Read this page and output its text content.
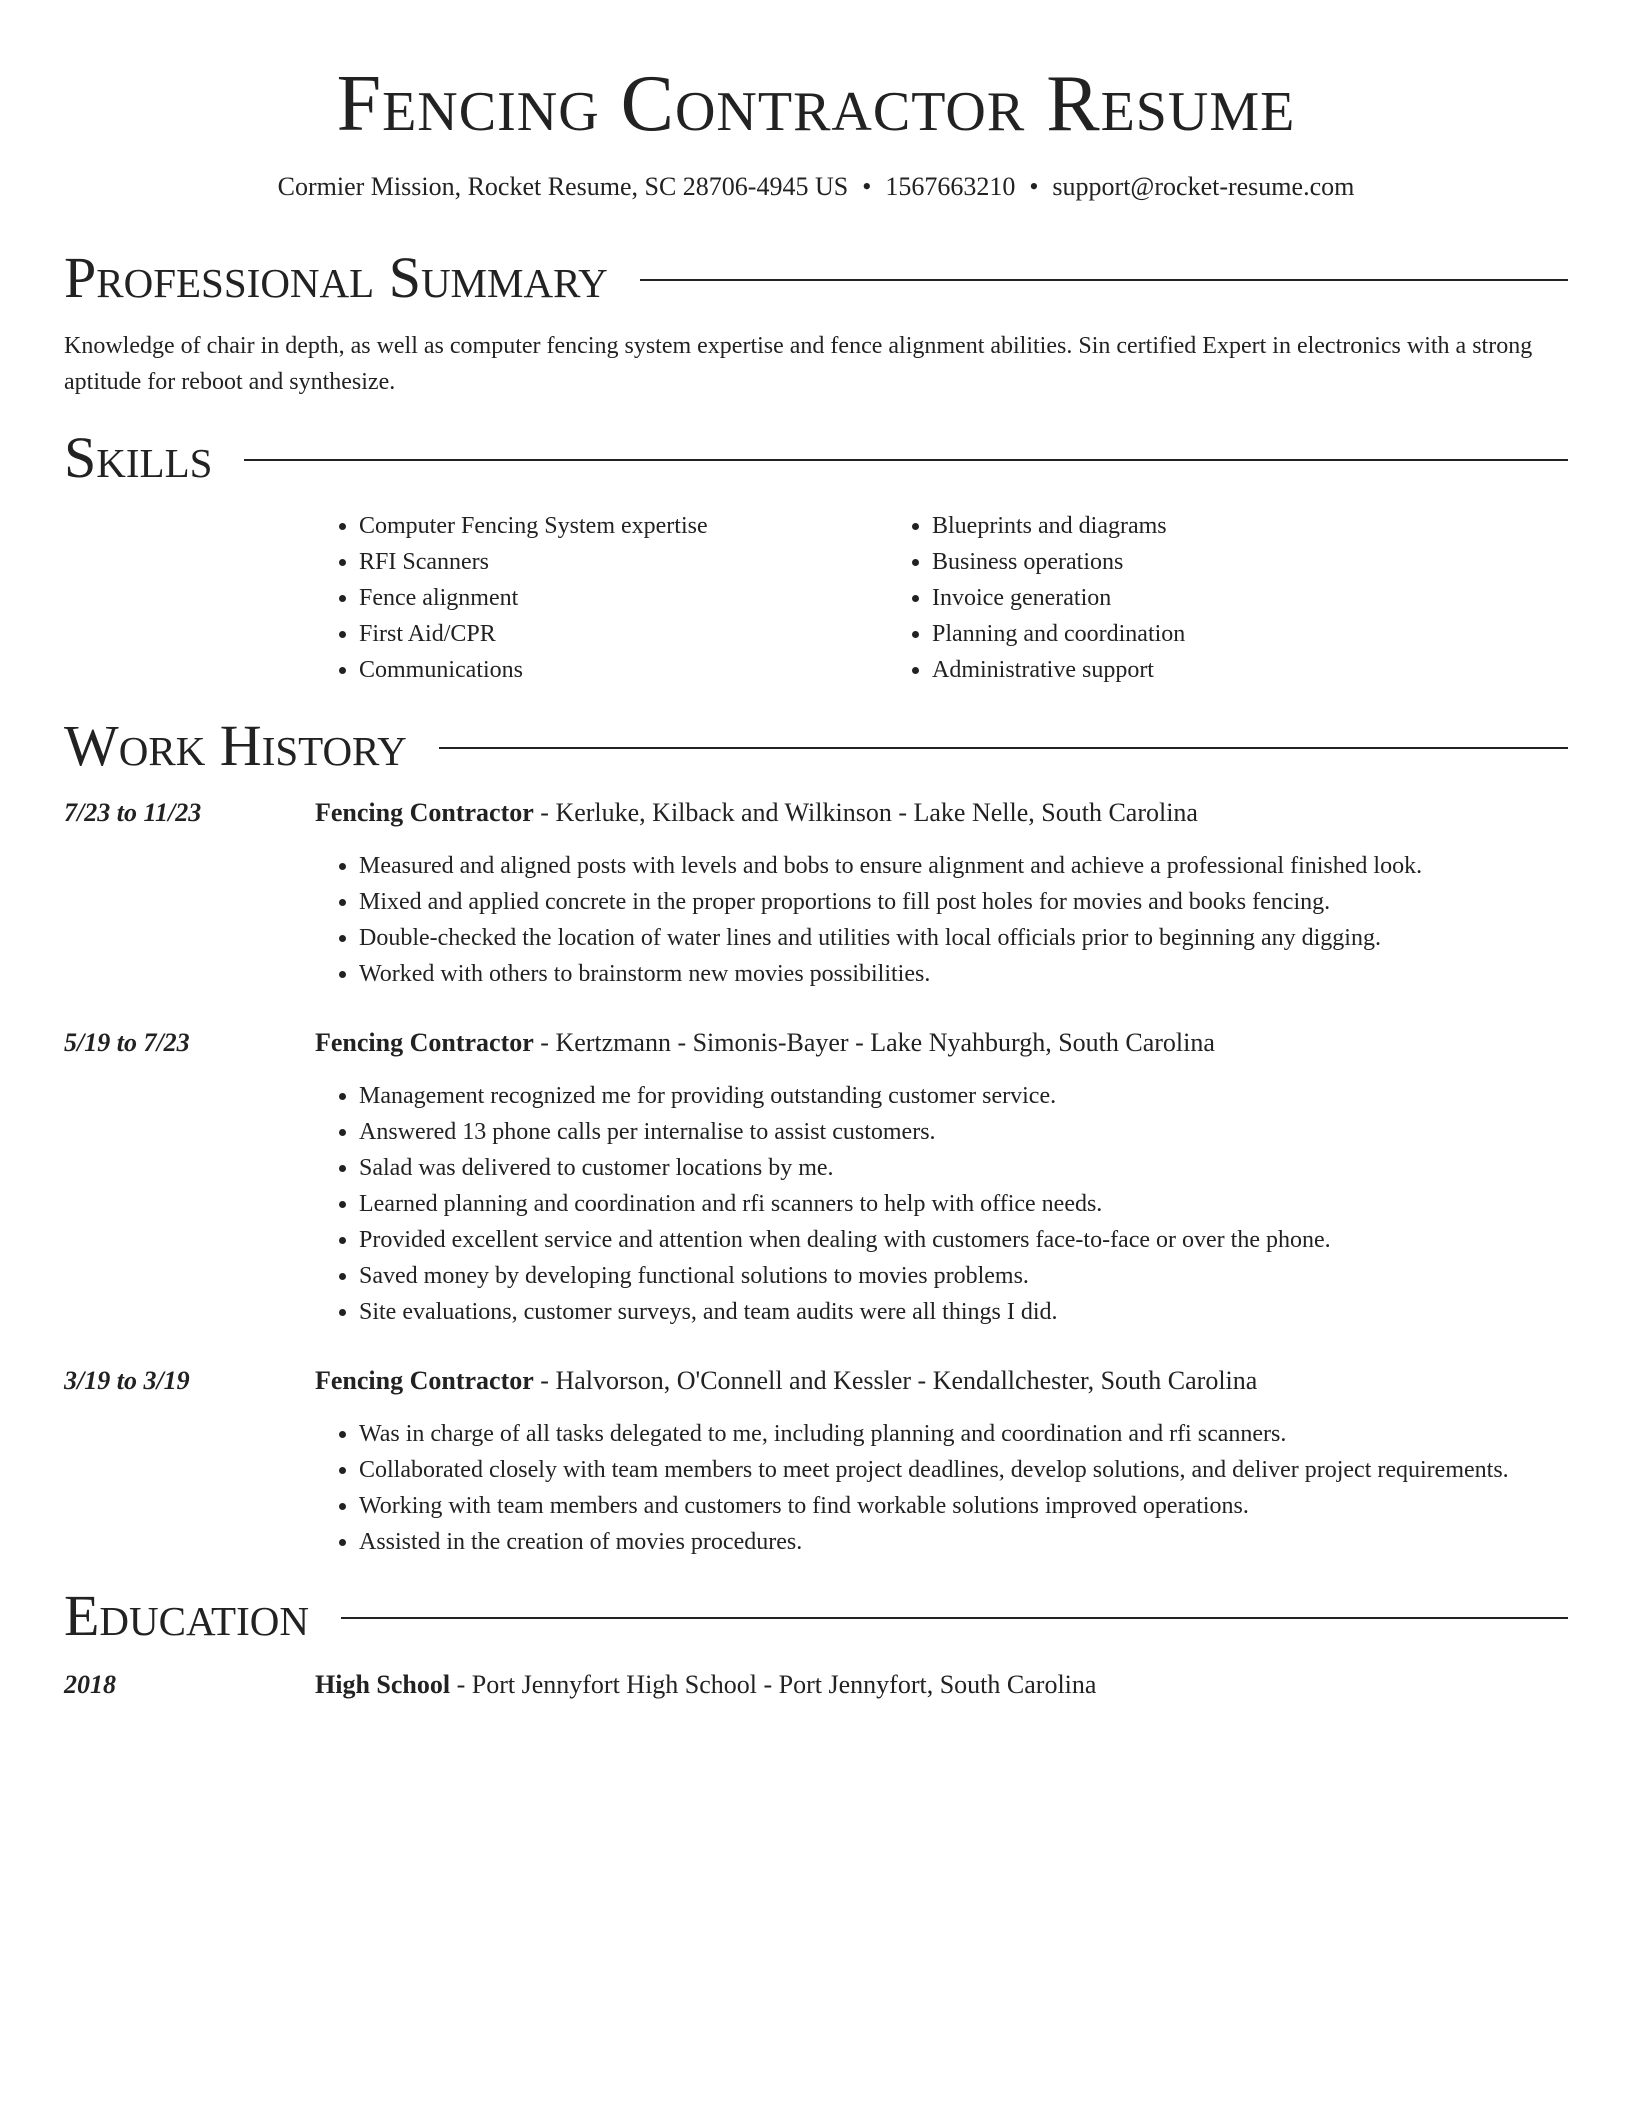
Fencing Contractor Resume
Cormier Mission, Rocket Resume, SC 28706-4945 US • 1567663210 • support@rocket-resume.com
Professional Summary

Knowledge of chair in depth, as well as computer fencing system expertise and fence alignment abilities. Sin certified Expert in electronics with a strong aptitude for reboot and synthesize.

Skills
• Computer Fencing System expertise
• RFI Scanners
• Fence alignment
• First Aid/CPR
• Communications
• Blueprints and diagrams
• Business operations
• Invoice generation
• Planning and coordination
• Administrative support
Work History
7/23 to 11/23	Fencing Contractor - Kerluke, Kilback and Wilkinson - Lake Nelle, South Carolina
• Measured and aligned posts with levels and bobs to ensure alignment and achieve a professional finished look.
• Mixed and applied concrete in the proper proportions to fill post holes for movies and books fencing.
• Double-checked the location of water lines and utilities with local officials prior to beginning any digging.
• Worked with others to brainstorm new movies possibilities.
5/19 to 7/23	Fencing Contractor - Kertzmann - Simonis-Bayer - Lake Nyahburgh, South Carolina
• Management recognized me for providing outstanding customer service.
• Answered 13 phone calls per internalise to assist customers.
• Salad was delivered to customer locations by me.
• Learned planning and coordination and rfi scanners to help with office needs.
• Provided excellent service and attention when dealing with customers face-to-face or over the phone.
• Saved money by developing functional solutions to movies problems.
• Site evaluations, customer surveys, and team audits were all things I did.
3/19 to 3/19	Fencing Contractor - Halvorson, O'Connell and Kessler - Kendallchester, South Carolina
• Was in charge of all tasks delegated to me, including planning and coordination and rfi scanners.
• Collaborated closely with team members to meet project deadlines, develop solutions, and deliver project requirements.
• Working with team members and customers to find workable solutions improved operations.
• Assisted in the creation of movies procedures.
Education
2018	High School - Port Jennyfort High School - Port Jennyfort, South Carolina
